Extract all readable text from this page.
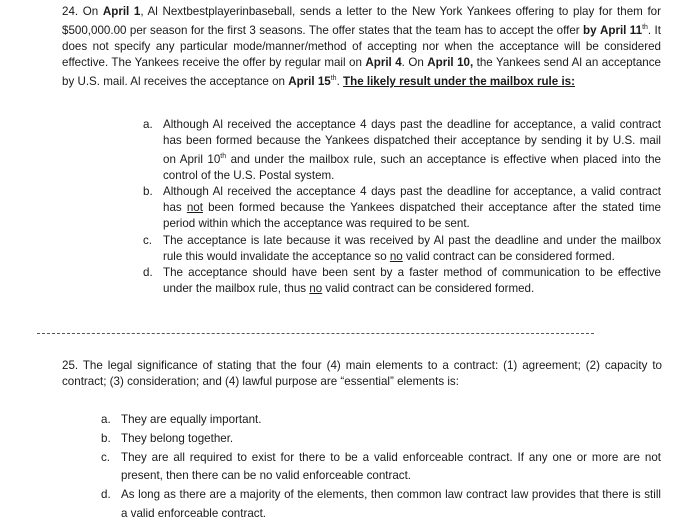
24. On April 1, Al Nextbestplayerinbaseball, sends a letter to the New York Yankees offering to play for them for $500,000.00 per season for the first 3 seasons. The offer states that the team has to accept the offer by April 11th. It does not specify any particular mode/manner/method of accepting nor when the acceptance will be considered effective. The Yankees receive the offer by regular mail on April 4. On April 10, the Yankees send Al an acceptance by U.S. mail. Al receives the acceptance on April 15th. The likely result under the mailbox rule is:
a. Although Al received the acceptance 4 days past the deadline for acceptance, a valid contract has been formed because the Yankees dispatched their acceptance by sending it by U.S. mail on April 10th and under the mailbox rule, such an acceptance is effective when placed into the control of the U.S. Postal system.
b. Although Al received the acceptance 4 days past the deadline for acceptance, a valid contract has not been formed because the Yankees dispatched their acceptance after the stated time period within which the acceptance was required to be sent.
c. The acceptance is late because it was received by Al past the deadline and under the mailbox rule this would invalidate the acceptance so no valid contract can be considered formed.
d. The acceptance should have been sent by a faster method of communication to be effective under the mailbox rule, thus no valid contract can be considered formed.
25. The legal significance of stating that the four (4) main elements to a contract: (1) agreement; (2) capacity to contract; (3) consideration; and (4) lawful purpose are “essential” elements is:
a. They are equally important.
b. They belong together.
c. They are all required to exist for there to be a valid enforceable contract. If any one or more are not present, then there can be no valid enforceable contract.
d. As long as there are a majority of the elements, then common law contract law provides that there is still a valid enforceable contract.
